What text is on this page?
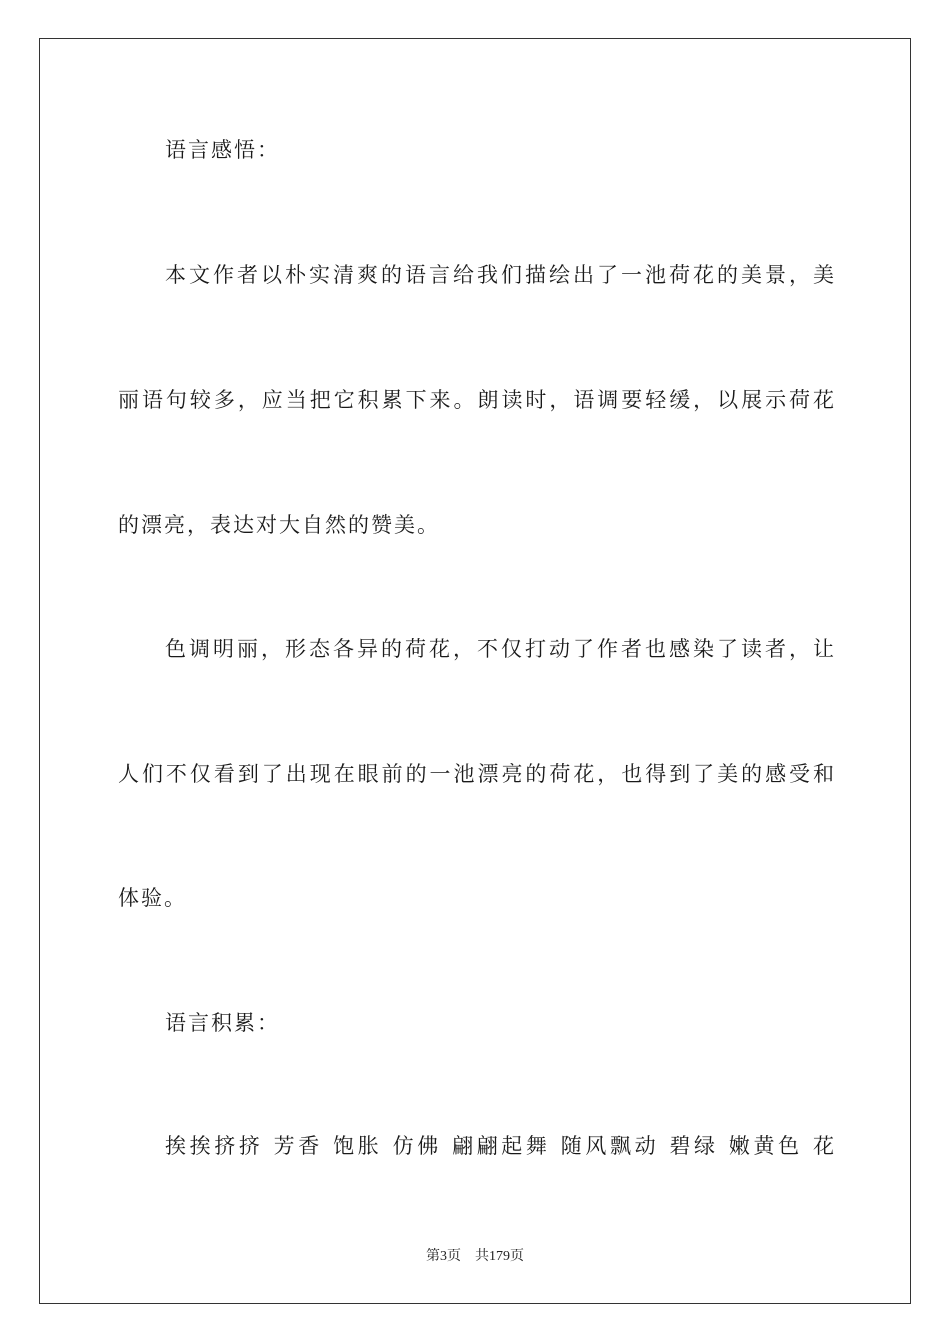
语言感悟：
本文作者以朴实清爽的语言给我们描绘出了一池荷花的美景，美
丽语句较多，应当把它积累下来。朗读时，语调要轻缓，以展示荷花
的漂亮，表达对大自然的赞美。
色调明丽，形态各异的荷花，不仅打动了作者也感染了读者，让
人们不仅看到了出现在眼前的一池漂亮的荷花，也得到了美的感受和
体验。
语言积累：
挨挨挤挤 芳香 饱胀 仿佛 翩翩起舞 随风飘动 碧绿 嫩黄色 花
第3页 共179页
